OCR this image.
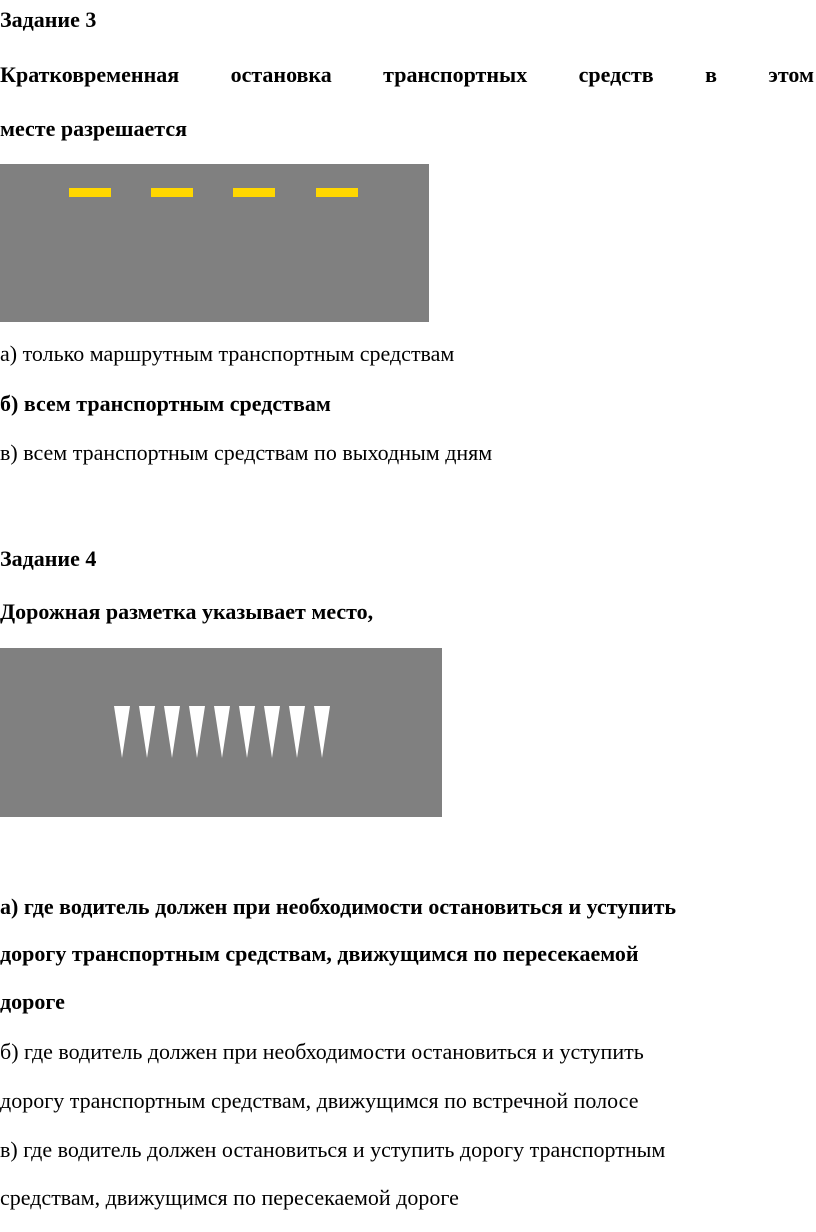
Задание 3
Кратковременная остановка транспортных средств в этом
месте разрешается
а) только маршрутным транспортным средствам
б) всем транспортным средствам
в) всем транспортным средствам по выходным дням
Задание 4
Дорожная разметка указывает место,
а) где водитель должен при необходимости остановиться и уступить
дорогу транспортным средствам, движущимся по пересекаемой
дороге
б) где водитель должен при необходимости остановиться и уступить
дорогу транспортным средствам, движущимся по встречной полосе
в) где водитель должен остановиться и уступить дорогу транспортным
средствам, движущимся по пересекаемой дороге
